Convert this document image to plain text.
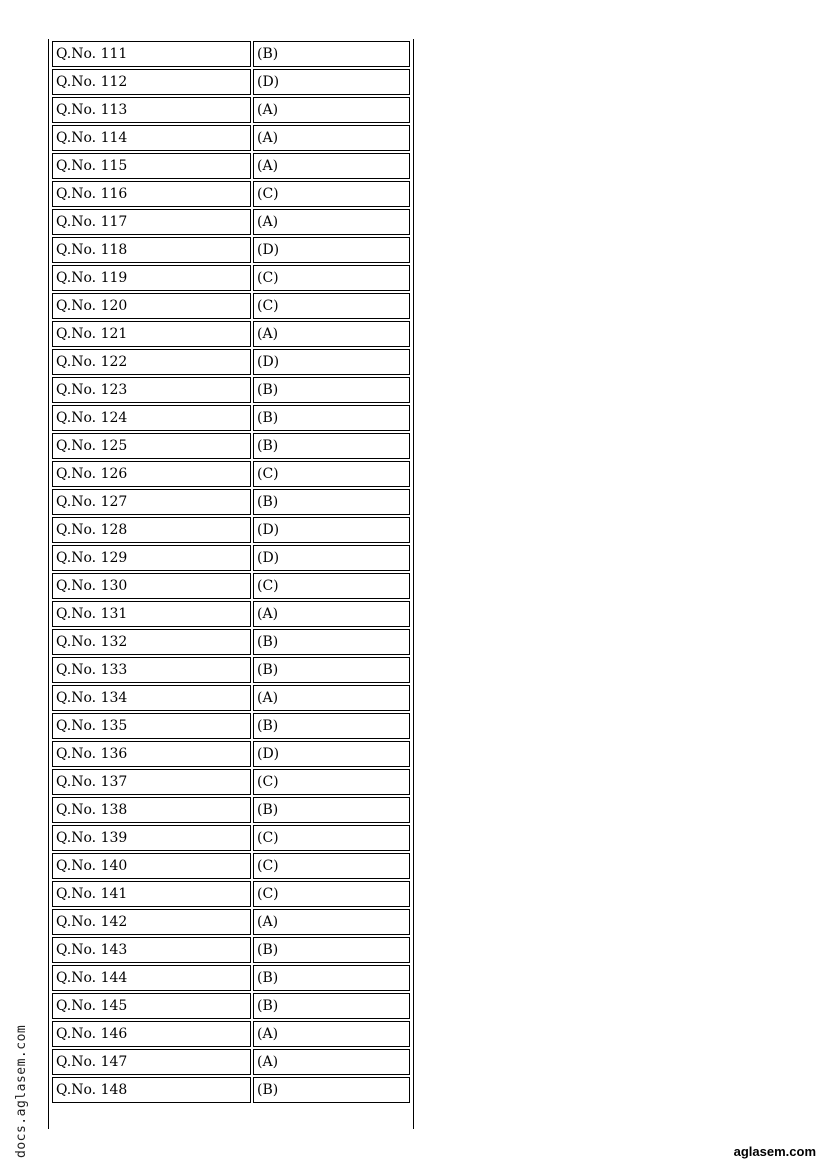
Q.No. 111	(B)
Q.No. 112	(D)
Q.No. 113	(A)
Q.No. 114	(A)
Q.No. 115	(A)
Q.No. 116	(C)
Q.No. 117	(A)
Q.No. 118	(D)
Q.No. 119	(C)
Q.No. 120	(C)
Q.No. 121	(A)
Q.No. 122	(D)
Q.No. 123	(B)
Q.No. 124	(B)
Q.No. 125	(B)
Q.No. 126	(C)
Q.No. 127	(B)
Q.No. 128	(D)
Q.No. 129	(D)
Q.No. 130	(C)
Q.No. 131	(A)
Q.No. 132	(B)
Q.No. 133	(B)
Q.No. 134	(A)
Q.No. 135	(B)
Q.No. 136	(D)
Q.No. 137	(C)
Q.No. 138	(B)
Q.No. 139	(C)
Q.No. 140	(C)
Q.No. 141	(C)
Q.No. 142	(A)
Q.No. 143	(B)
Q.No. 144	(B)
Q.No. 145	(B)
Q.No. 146	(A)
Q.No. 147	(A)
Q.No. 148	(B)
docs.aglasem.com	aglasem.com
